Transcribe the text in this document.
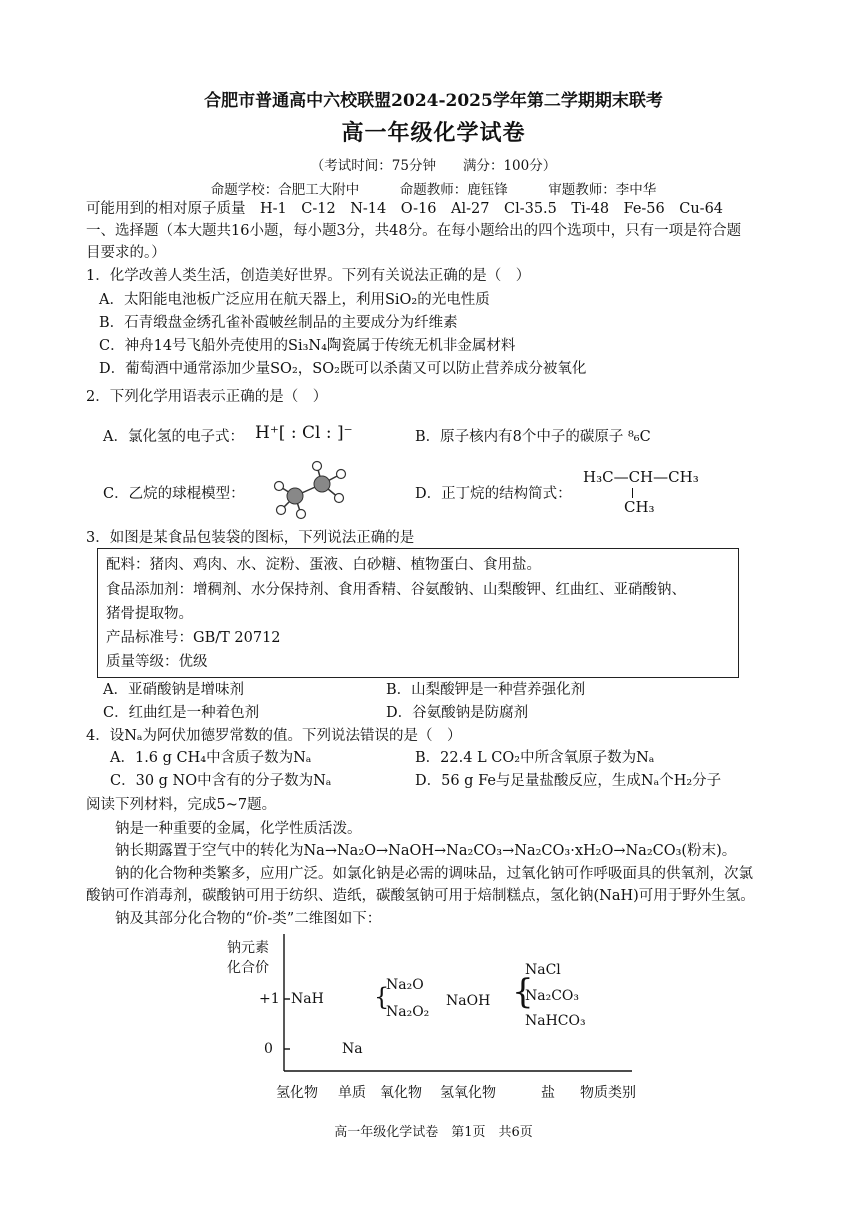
合肥市普通高中六校联盟2024-2025学年第二学期期末联考
高一年级化学试卷
（考试时间：75分钟　　满分：100分）
命题学校：合肥工大附中　　　命题教师：鹿钰锋　　　审题教师：李中华
可能用到的相对原子质量　H-1　C-12　N-14　O-16　Al-27　Cl-35.5　Ti-48　Fe-56　Cu-64
一、选择题（本大题共16小题，每小题3分，共48分。在每小题给出的四个选项中，只有一项是符合题
目要求的。）
1．化学改善人类生活，创造美好世界。下列有关说法正确的是（　）
A．太阳能电池板广泛应用在航天器上，利用SiO₂的光电性质
B．石青缎盘金绣孔雀补霞帔丝制品的主要成分为纤维素
C．神舟14号飞船外壳使用的Si₃N₄陶瓷属于传统无机非金属材料
D．葡萄酒中通常添加少量SO₂，SO₂既可以杀菌又可以防止营养成分被氧化
2．下列化学用语表示正确的是（　）
A．氯化氢的电子式： H⁺[ : Cl : ]⁻	B．原子核内有8个中子的碳原子 ⁸₆C
C．乙烷的球棍模型：	D．正丁烷的结构简式：
H₃C—CH—CH₃
CH₃
3．如图是某食品包装袋的图标，下列说法正确的是
配料：猪肉、鸡肉、水、淀粉、蛋液、白砂糖、植物蛋白、食用盐。
食品添加剂：增稠剂、水分保持剂、食用香精、谷氨酸钠、山梨酸钾、红曲红、亚硝酸钠、
猪骨提取物。
产品标准号：GB/T 20712
质量等级：优级
A．亚硝酸钠是增味剂	B．山梨酸钾是一种营养强化剂
C．红曲红是一种着色剂	D．谷氨酸钠是防腐剂
4．设Nₐ为阿伏加德罗常数的值。下列说法错误的是（　）
A．1.6 g CH₄中含质子数为Nₐ	B．22.4 L CO₂中所含氧原子数为Nₐ
C．30 g NO中含有的分子数为Nₐ	D．56 g Fe与足量盐酸反应，生成Nₐ个H₂分子
阅读下列材料，完成5~7题。
钠是一种重要的金属，化学性质活泼。
钠长期露置于空气中的转化为Na→Na₂O→NaOH→Na₂CO₃→Na₂CO₃·xH₂O→Na₂CO₃(粉末)。
钠的化合物种类繁多，应用广泛。如氯化钠是必需的调味品，过氧化钠可作呼吸面具的供氧剂，次氯
酸钠可作消毒剂，碳酸钠可用于纺织、造纸，碳酸氢钠可用于焙制糕点，氢化钠(NaH)可用于野外生氢。
钠及其部分化合物的“价-类”二维图如下：
钠元素
化合价
+1
0
NaH
Na
{
Na₂O
Na₂O₂
NaOH {
NaCl
Na₂CO₃
NaHCO₃
氢化物 单质 氧化物 氢氧化物	盐 物质类别
高一年级化学试卷　第1页　共6页
